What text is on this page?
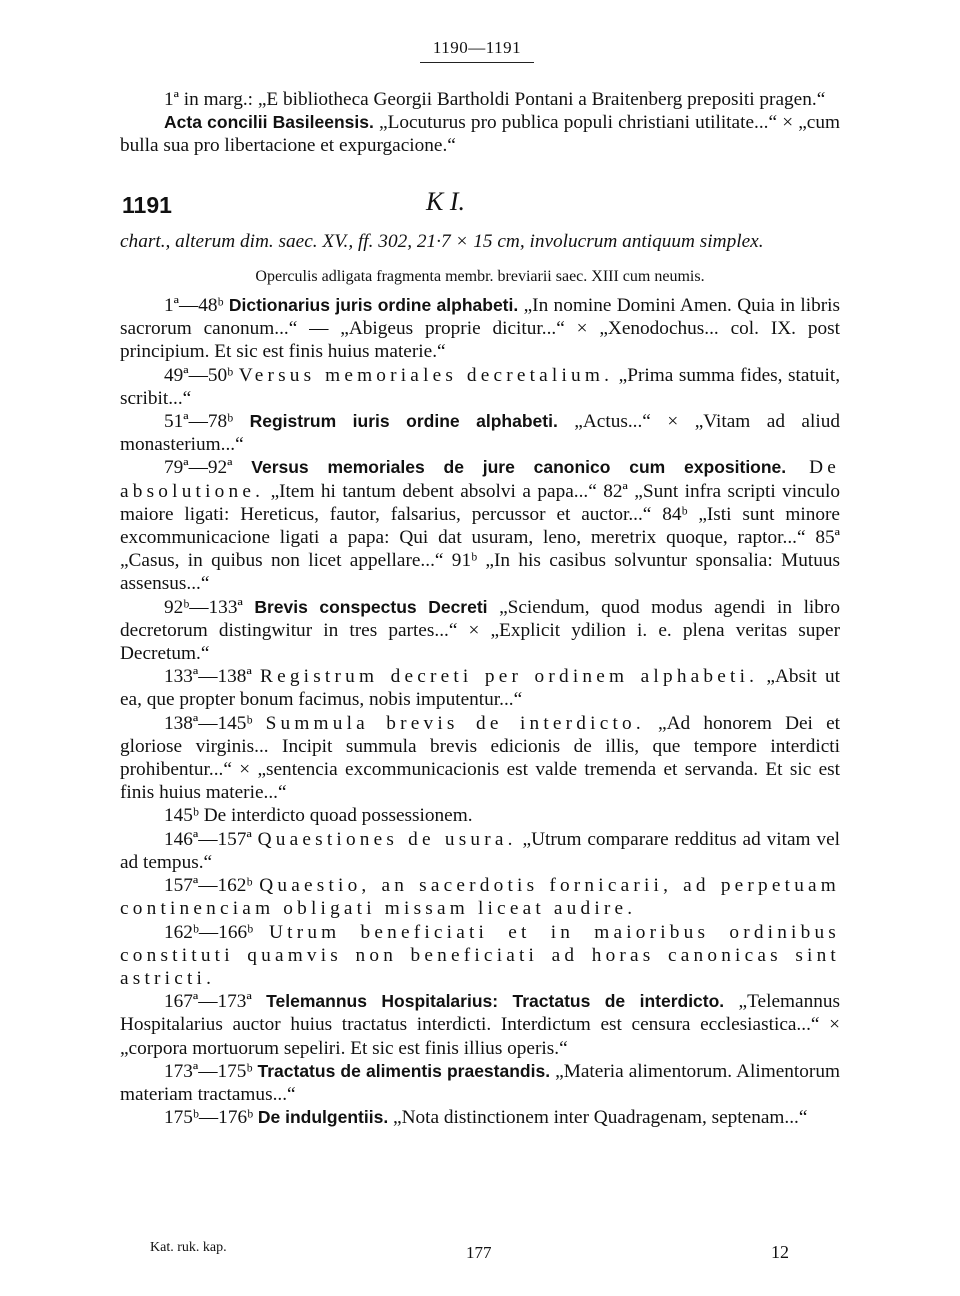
1190—1191

1ª in marg.: „E bibliotheca Georgii Bartholdi Pontani a Braitenberg prepositi pragen.“

Acta concilii Basileensis. „Locuturus pro publica populi christiani utilitate...“ × „cum bulla sua pro libertacione et expurgacione.“

1191	K I.

chart., alterum dim. saec. XV., ff. 302, 21·7 × 15 cm, involucrum antiquum simplex.

Operculis adligata fragmenta membr. breviarii saec. XIII cum neumis.

1ª—48ᵇ Dictionarius juris ordine alphabeti. „In nomine Domini Amen. Quia in libris sacrorum canonum...“ — „Abigeus proprie dicitur...“ × „Xenodochus... col. IX. post principium. Et sic est finis huius materie.“

49ª—50ᵇ Versus memoriales decretalium. „Prima summa fides, statuit, scribit...“

51ª—78ᵇ Registrum iuris ordine alphabeti. „Actus...“ × „Vitam ad aliud monasterium...“

79ª—92ª Versus memoriales de jure canonico cum expositione. De absolutione. „Item hi tantum debent absolvi a papa...“ 82ª „Sunt infra scripti vinculo maiore ligati: Hereticus, fautor, falsarius, percussor et auctor...“ 84ᵇ „Isti sunt minore excommunicacione ligati a papa: Qui dat usuram, leno, meretrix quoque, raptor...“ 85ª „Casus, in quibus non licet appellare...“ 91ᵇ „In his casibus solvuntur sponsalia: Mutuus assensus...“

92ᵇ—133ª Brevis conspectus Decreti „Sciendum, quod modus agendi in libro decretorum distingwitur in tres partes...“ × „Explicit ydilion i. e. plena veritas super Decretum.“

133ª—138ª Registrum decreti per ordinem alphabeti. „Absit ut ea, que propter bonum facimus, nobis imputentur...“

138ª—145ᵇ Summula brevis de interdicto. „Ad honorem Dei et gloriose virginis... Incipit summula brevis edicionis de illis, que tempore interdicti prohibentur...“ × „sentencia excommunicacionis est valde tremenda et servanda. Et sic est finis huius materie...“

145ᵇ De interdicto quoad possessionem.

146ª—157ª Quaestiones de usura. „Utrum comparare redditus ad vitam vel ad tempus.“

157ª—162ᵇ Quaestio, an sacerdotis fornicarii, ad perpetuam continenciam obligati missam liceat audire.

162ᵇ—166ᵇ Utrum beneficiati et in maioribus ordinibus constituti quamvis non beneficiati ad horas canonicas sint astricti.

167ª—173ª Telemannus Hospitalarius: Tractatus de interdicto. „Telemannus Hospitalarius auctor huius tractatus interdicti. Interdictum est censura ecclesiastica...“ × „corpora mortuorum sepeliri. Et sic est finis illius operis.“

173ª—175ᵇ Tractatus de alimentis praestandis. „Materia alimentorum. Alimentorum materiam tractamus...“

175ᵇ—176ᵇ De indulgentiis. „Nota distinctionem inter Quadragenam, septenam...“

Kat. ruk. kap.	177	12
